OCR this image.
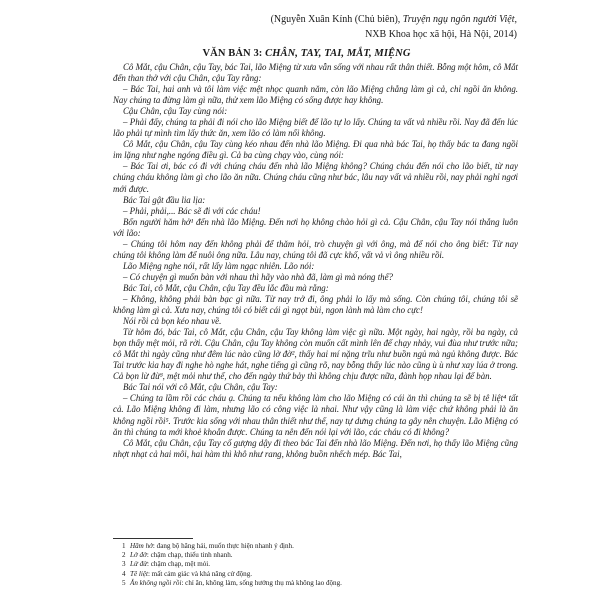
(Nguyễn Xuân Kính (Chủ biên), Truyện ngụ ngôn người Việt,
NXB Khoa học xã hội, Hà Nội, 2014)
VĂN BẢN 3: CHÂN, TAY, TAI, MẮT, MIỆNG

Cô Mắt, cậu Chân, cậu Tay, bác Tai, lão Miệng từ xưa vẫn sống với nhau rất thân thiết. Bỗng một hôm, cô Mắt đến than thở với cậu Chân, cậu Tay rằng:

– Bác Tai, hai anh và tôi làm việc mệt nhọc quanh năm, còn lão Miệng chẳng làm gì cả, chỉ ngồi ăn không. Nay chúng ta đừng làm gì nữa, thử xem lão Miệng có sống được hay không.

Cậu Chân, cậu Tay cùng nói:

– Phải đấy, chúng ta phải đi nói cho lão Miệng biết để lão tự lo lấy. Chúng ta vất vả nhiều rồi. Nay đã đến lúc lão phải tự mình tìm lấy thức ăn, xem lão có làm nổi không.

Cô Mắt, cậu Chân, cậu Tay cùng kéo nhau đến nhà lão Miệng. Đi qua nhà bác Tai, họ thấy bác ta đang ngồi im lặng như nghe ngóng điều gì. Cả ba cùng chạy vào, cùng nói:

– Bác Tai ơi, bác có đi với chúng cháu đến nhà lão Miệng không? Chúng cháu đến nói cho lão biết, từ nay chúng cháu không làm gì cho lão ăn nữa. Chúng cháu cũng như bác, lâu nay vất vả nhiều rồi, nay phải nghỉ ngơi mới được.

Bác Tai gật đầu lia lịa:

– Phải, phải,... Bác sẽ đi với các cháu!

Bốn người hăm hở¹ đến nhà lão Miệng. Đến nơi họ không chào hỏi gì cả. Cậu Chân, cậu Tay nói thẳng luôn với lão:

– Chúng tôi hôm nay đến không phải để thăm hỏi, trò chuyện gì với ông, mà để nói cho ông biết: Từ nay chúng tôi không làm để nuôi ông nữa. Lâu nay, chúng tôi đã cực khổ, vất vả vì ông nhiều rồi.

Lão Miệng nghe nói, rất lấy làm ngạc nhiên. Lão nói:

– Có chuyện gì muốn bàn với nhau thì hãy vào nhà đã, làm gì mà nóng thế?

Bác Tai, cô Mắt, cậu Chân, cậu Tay đều lắc đầu mà rằng:

– Không, không phải bàn bạc gì nữa. Từ nay trở đi, ông phải lo lấy mà sống. Còn chúng tôi, chúng tôi sẽ không làm gì cả. Xưa nay, chúng tôi có biết cái gì ngọt bùi, ngon lành mà làm cho cực!

Nói rồi cả bọn kéo nhau về.

Từ hôm đó, bác Tai, cô Mắt, cậu Chân, cậu Tay không làm việc gì nữa. Một ngày, hai ngày, rồi ba ngày, cả bọn thấy mệt mỏi, rã rời. Cậu Chân, cậu Tay không còn muốn cất mình lên để chạy nhảy, vui đùa như trước nữa; cô Mắt thì ngày cũng như đêm lúc nào cũng lờ đờ², thấy hai mí nặng trĩu như buồn ngủ mà ngủ không được. Bác Tai trước kia hay đi nghe hò nghe hát, nghe tiếng gì cũng rõ, nay bỗng thấy lúc nào cũng ù ù như xay lúa ở trong. Cả bọn lừ đừ³, mệt mỏi như thế, cho đến ngày thứ bảy thì không chịu được nữa, đành họp nhau lại để bàn.

Bác Tai nói với cô Mắt, cậu Chân, cậu Tay:

– Chúng ta lầm rồi các cháu ạ. Chúng ta nếu không làm cho lão Miệng có cái ăn thì chúng ta sẽ bị tê liệt⁴ tất cả. Lão Miệng không đi làm, nhưng lão có công việc là nhai. Như vậy cũng là làm việc chứ không phải là ăn không ngồi rồi⁵. Trước kia sống với nhau thân thiết như thế, nay tự dưng chúng ta gây nên chuyện. Lão Miệng có ăn thì chúng ta mới khoẻ khoắn được. Chúng ta nên đến nói lại với lão, các cháu có đi không?

Cô Mắt, cậu Chân, cậu Tay cố gượng dậy đi theo bác Tai đến nhà lão Miệng. Đến nơi, họ thấy lão Miệng cũng nhợt nhạt cả hai môi, hai hàm thì khô như rang, không buồn nhếch mép. Bác Tai,

1 Hăm hở: đang bộ hăng hái, muốn thực hiện nhanh ý định.
2 Lờ đờ: chậm chạp, thiếu tinh nhanh.
3 Lừ đừ: chậm chạp, mệt mỏi.
4 Tê liệt: mất cảm giác và khả năng cử động.
5 Ăn không ngồi rồi: chỉ ăn, không làm, sống hưởng thụ mà không lao động.
